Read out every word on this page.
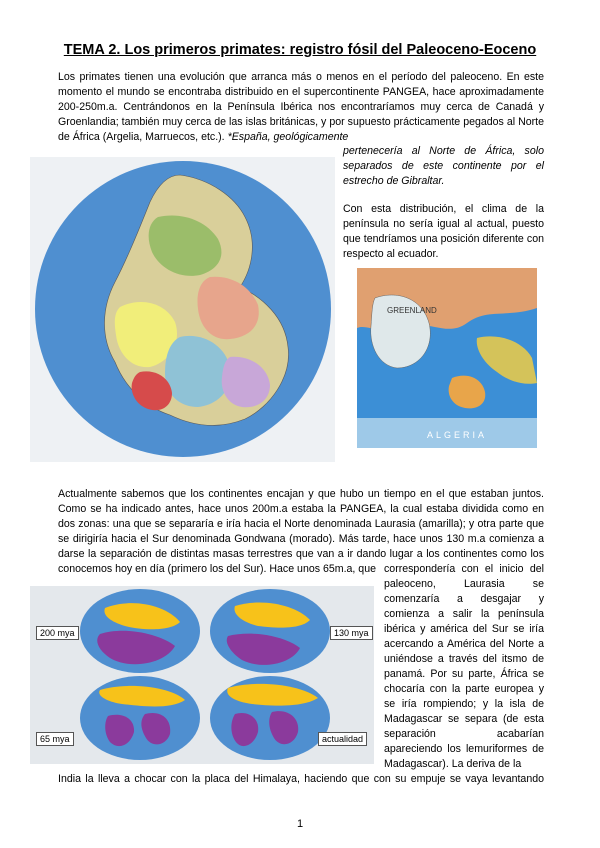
TEMA 2. Los primeros primates: registro fósil del Paleoceno-Eoceno
Los primates tienen una evolución que arranca más o menos en el período del paleoceno. En este momento el mundo se encontraba distribuido en el supercontinente PANGEA, hace aproximadamente 200-250m.a. Centrándonos en la Península Ibérica nos encontraríamos muy cerca de Canadá y Groenlandia; también muy cerca de las islas británicas, y por supuesto prácticamente pegados al Norte de África (Argelia, Marruecos, etc.). *España, geológicamente
pertenecería al Norte de África, solo separados de este continente por el estrecho de Gibraltar.
Con esta distribución, el clima de la península no sería igual al actual, puesto que tendríamos una posición diferente con respecto al ecuador.
GREENLAND
ALGERIA
Actualmente sabemos que los continentes encajan y que hubo un tiempo en el que estaban juntos. Como se ha indicado antes, hace unos 200m.a estaba la PANGEA, la cual estaba dividida como en dos zonas: una que se separaría e iría hacia el Norte denominada Laurasia (amarilla); y otra parte que se dirigiría hacia el Sur denominada Gondwana (morado). Más tarde, hace unos 130 m.a comienza a darse la separación de distintas masas terrestres que van a ir dando lugar a los continentes como los conocemos hoy en día (primero los del Sur). Hace unos 65m.a, que
200 mya	130 mya
65 mya	actualidad
correspondería con el inicio del paleoceno, Laurasia se comenzaría a desgajar y comienza a salir la península ibérica y américa del Sur se iría acercando a América del Norte a uniéndose a través del itsmo de panamá. Por su parte, África se chocaría con la parte europea y se iría rompiendo; y la isla de Madagascar se separa (de esta separación acabarían apareciendo los lemuriformes de Madagascar). La deriva de la
India la lleva a chocar con la placa del Himalaya, haciendo que con su empuje se vaya levantando
1
